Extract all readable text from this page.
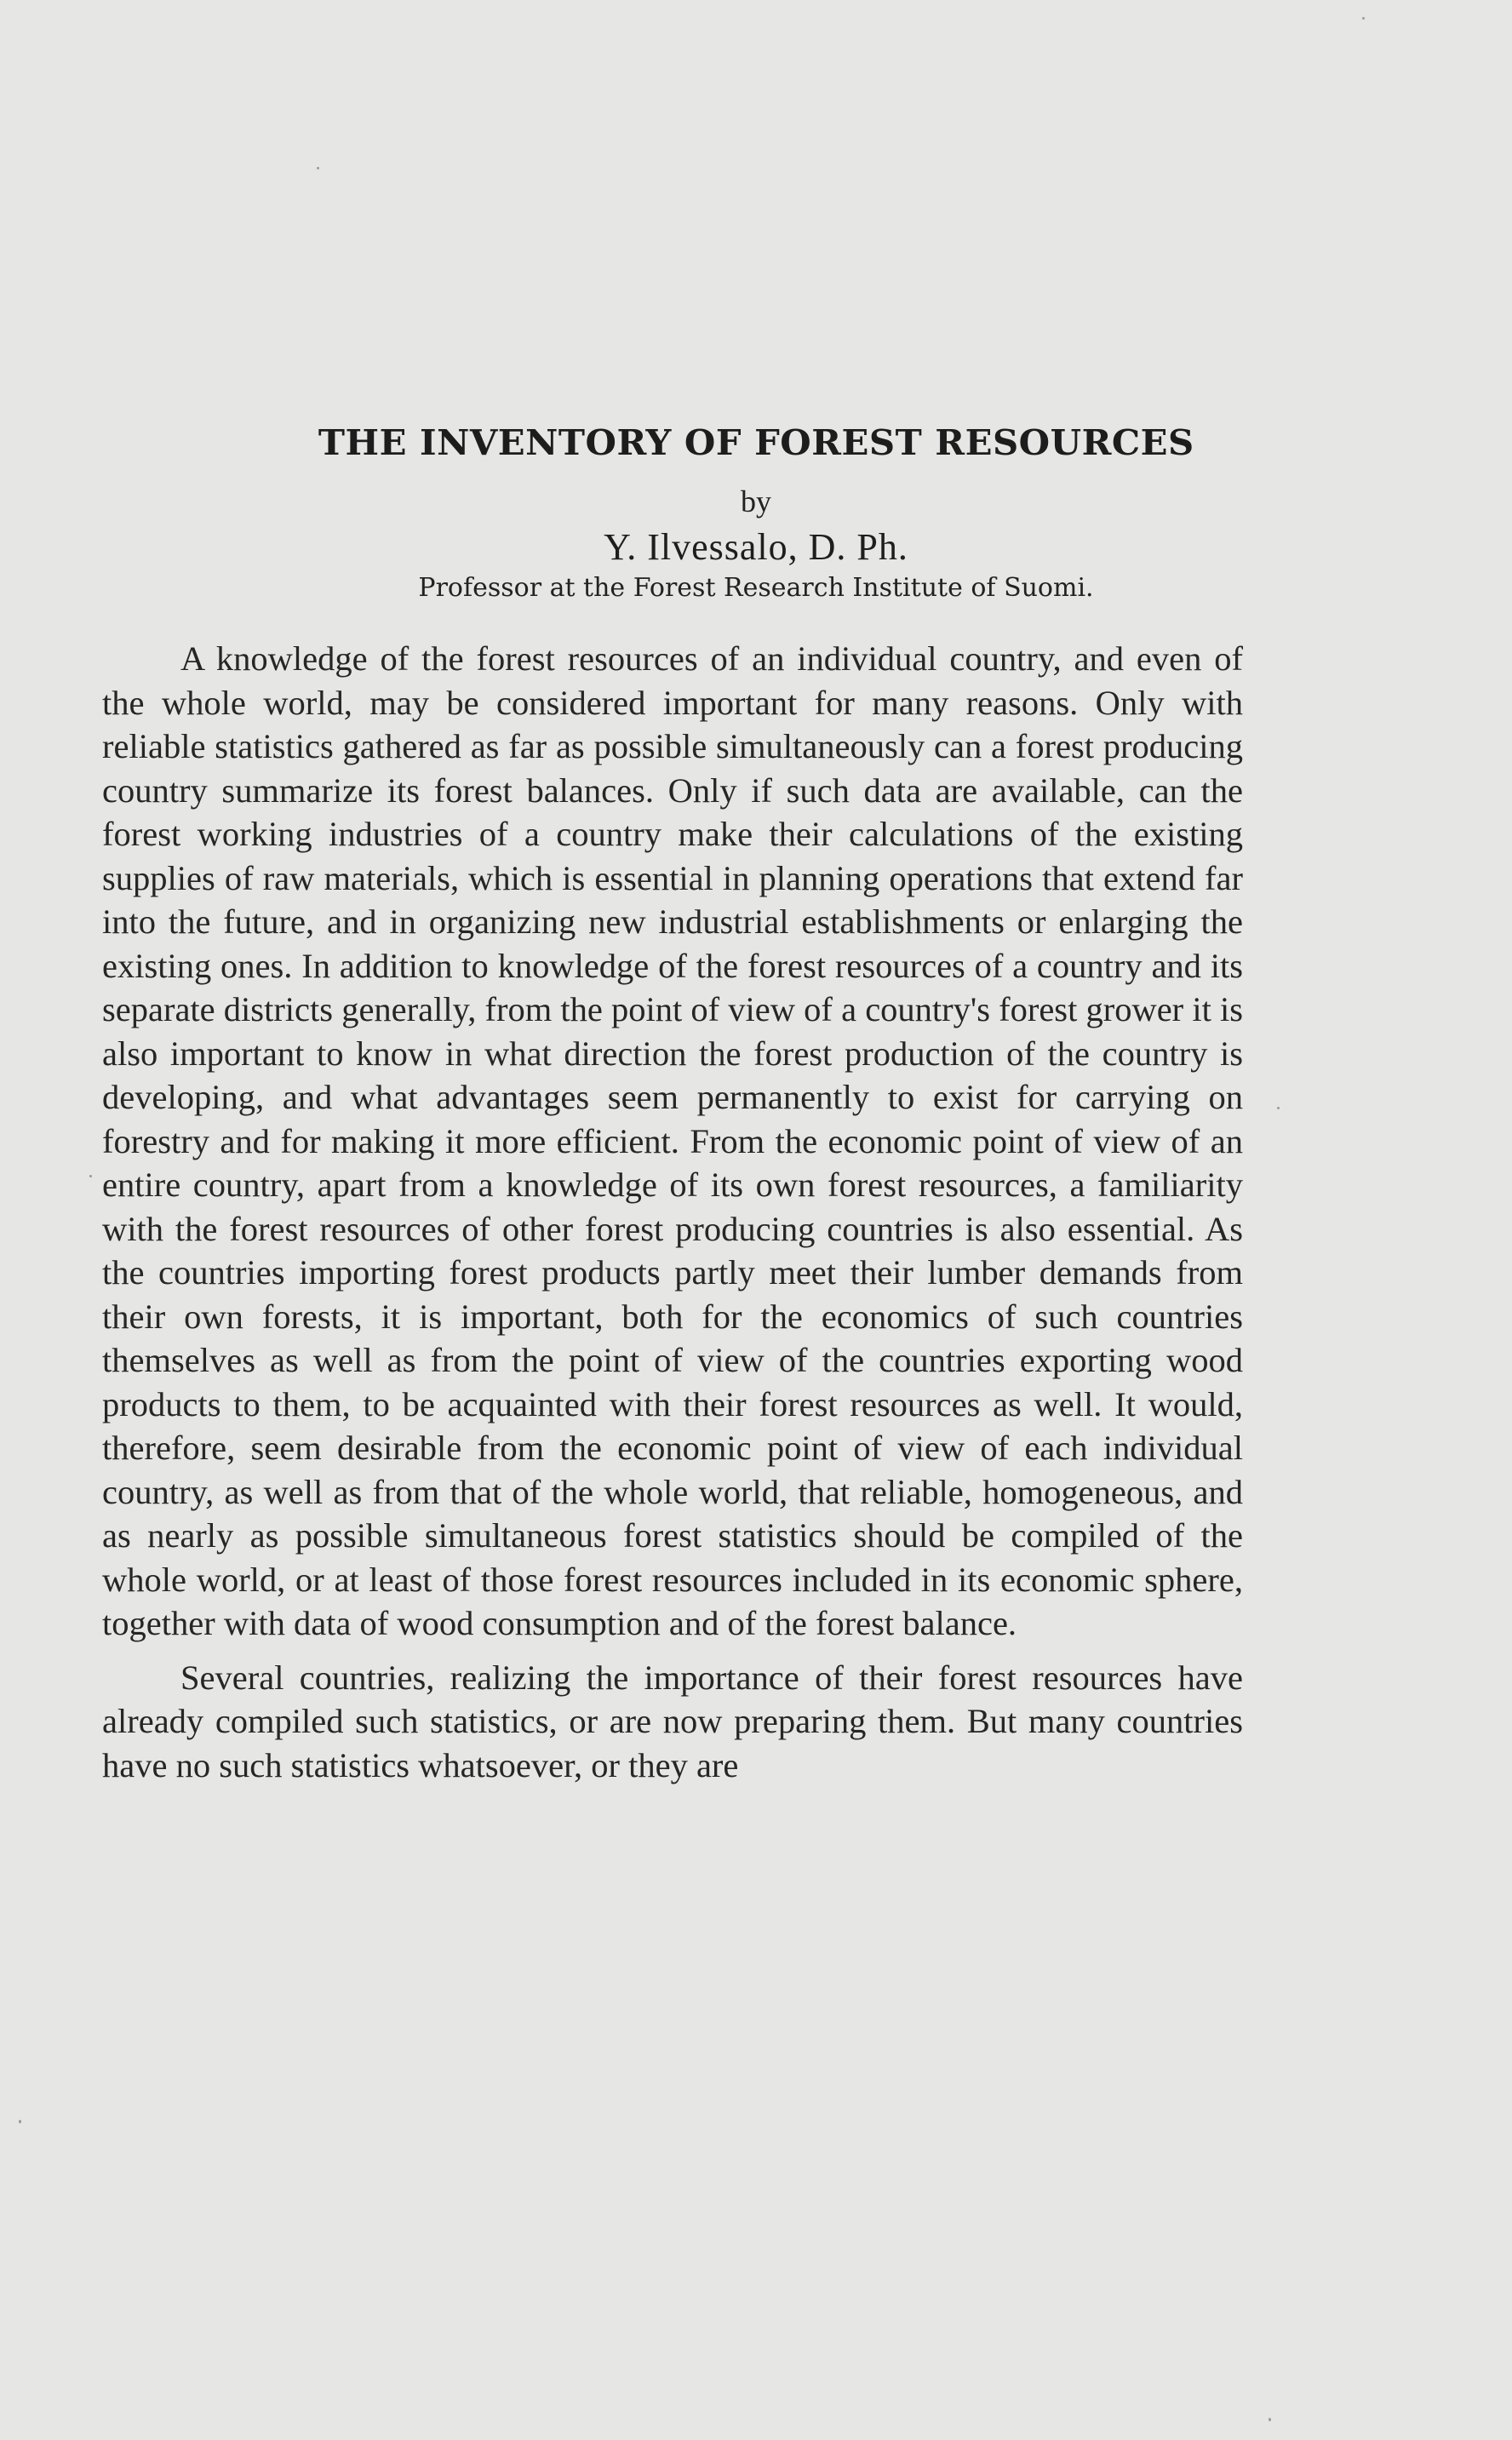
THE INVENTORY OF FOREST RESOURCES
by
Y. Ilvessalo, D. Ph.
Professor at the Forest Research Institute of Suomi.

A knowledge of the forest resources of an individual country, and even of the whole world, may be considered important for many reasons. Only with reliable statistics gathered as far as possible simultaneously can a forest producing country summarize its forest balances. Only if such data are available, can the forest working industries of a country make their calculations of the existing supplies of raw materials, which is essential in planning operations that extend far into the future, and in organizing new industrial establishments or enlarging the existing ones. In addition to knowledge of the forest resources of a country and its separate districts generally, from the point of view of a country's forest grower it is also important to know in what direction the forest production of the country is developing, and what advantages seem permanently to exist for carrying on forestry and for making it more efficient. From the economic point of view of an entire country, apart from a knowledge of its own forest resources, a familiarity with the forest resources of other forest producing countries is also essential. As the countries importing forest products partly meet their lumber demands from their own forests, it is important, both for the economics of such countries themselves as well as from the point of view of the countries exporting wood products to them, to be acquainted with their forest resources as well. It would, therefore, seem desirable from the economic point of view of each individual country, as well as from that of the whole world, that reliable, homogeneous, and as nearly as possible simultaneous forest statistics should be compiled of the whole world, or at least of those forest resources included in its economic sphere, together with data of wood consumption and of the forest balance.

Several countries, realizing the importance of their forest resources have already compiled such statistics, or are now preparing them. But many countries have no such statistics whatsoever, or they are
